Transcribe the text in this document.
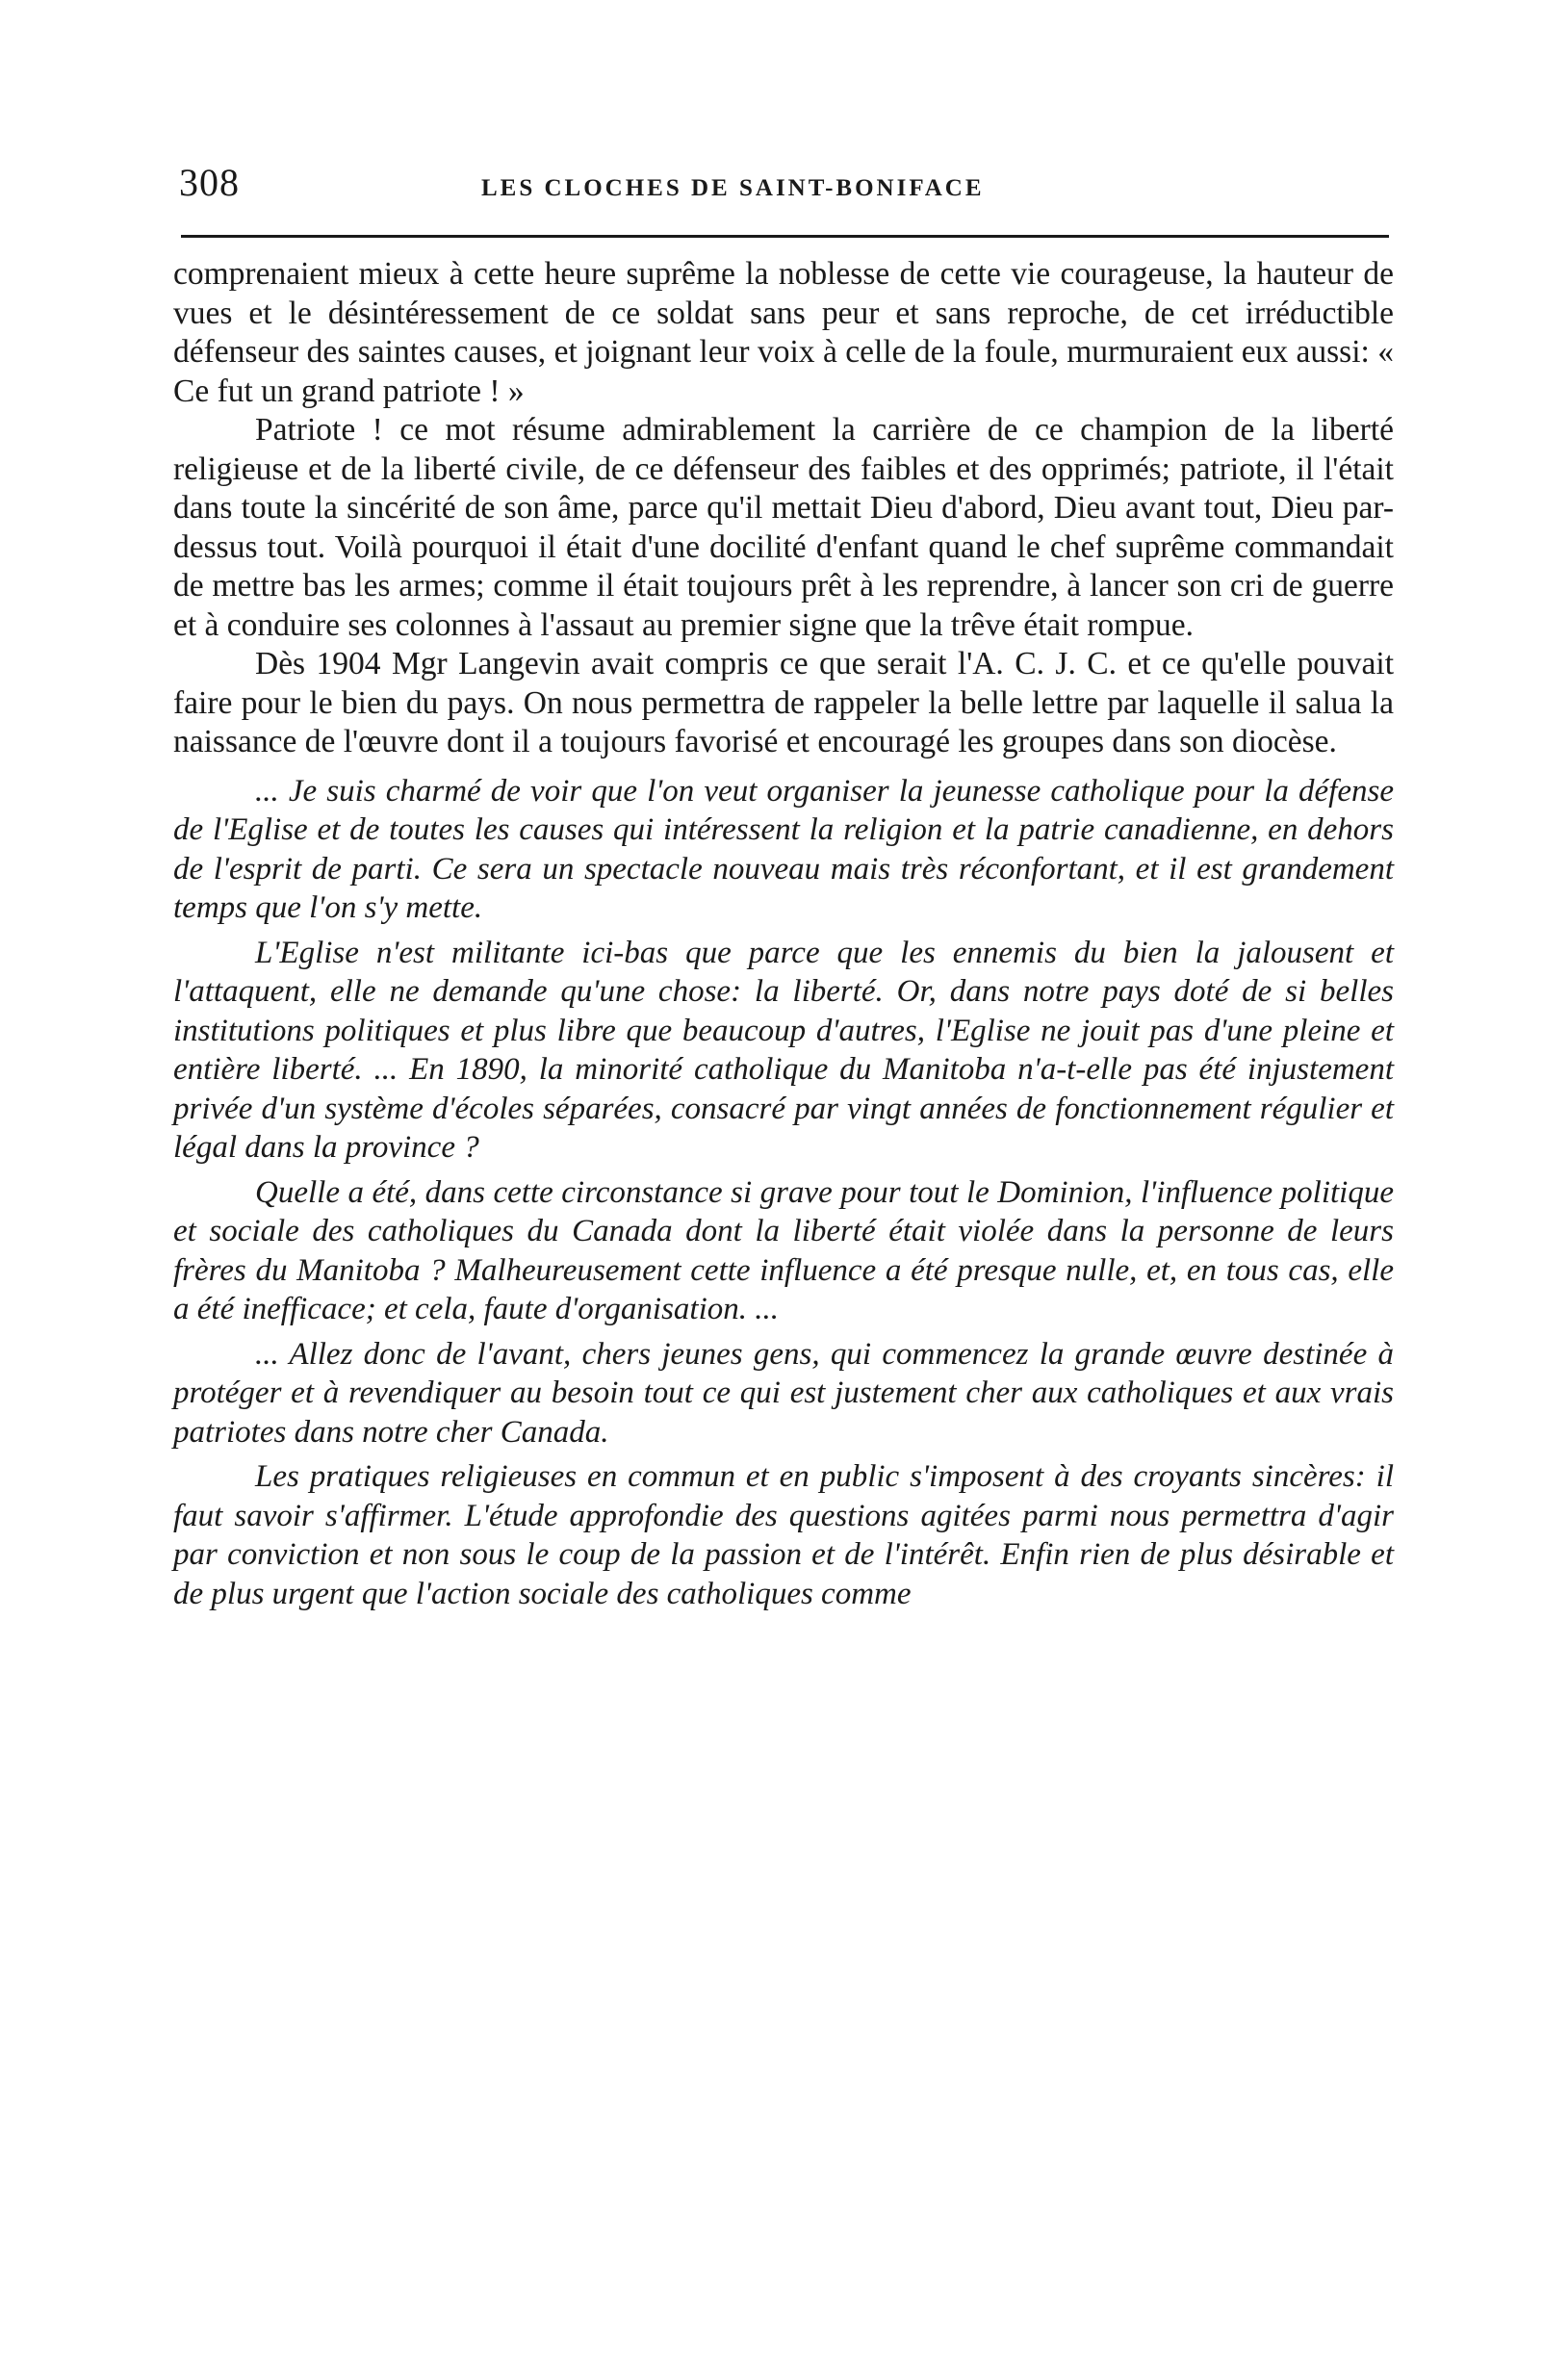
308	LES CLOCHES DE SAINT-BONIFACE

comprenaient mieux à cette heure suprême la noblesse de cette vie courageuse, la hauteur de vues et le désintéressement de ce soldat sans peur et sans reproche, de cet irréductible défenseur des saintes causes, et joignant leur voix à celle de la foule, murmuraient eux aussi: « Ce fut un grand patriote ! »

Patriote ! ce mot résume admirablement la carrière de ce champion de la liberté religieuse et de la liberté civile, de ce défenseur des faibles et des opprimés; patriote, il l'était dans toute la sincérité de son âme, parce qu'il mettait Dieu d'abord, Dieu avant tout, Dieu par-dessus tout. Voilà pourquoi il était d'une docilité d'enfant quand le chef suprême commandait de mettre bas les armes; comme il était toujours prêt à les reprendre, à lancer son cri de guerre et à conduire ses colonnes à l'assaut au premier signe que la trêve était rompue.

Dès 1904 Mgr Langevin avait compris ce que serait l'A. C. J. C. et ce qu'elle pouvait faire pour le bien du pays. On nous permettra de rappeler la belle lettre par laquelle il salua la naissance de l'œuvre dont il a toujours favorisé et encouragé les groupes dans son diocèse.

... Je suis charmé de voir que l'on veut organiser la jeunesse catholique pour la défense de l'Eglise et de toutes les causes qui intéressent la religion et la patrie canadienne, en dehors de l'esprit de parti. Ce sera un spectacle nouveau mais très réconfortant, et il est grandement temps que l'on s'y mette.

L'Eglise n'est militante ici-bas que parce que les ennemis du bien la jalousent et l'attaquent, elle ne demande qu'une chose: la liberté. Or, dans notre pays doté de si belles institutions politiques et plus libre que beaucoup d'autres, l'Eglise ne jouit pas d'une pleine et entière liberté. ... En 1890, la minorité catholique du Manitoba n'a-t-elle pas été injustement privée d'un système d'écoles séparées, consacré par vingt années de fonctionnement régulier et légal dans la province ?

Quelle a été, dans cette circonstance si grave pour tout le Dominion, l'influence politique et sociale des catholiques du Canada dont la liberté était violée dans la personne de leurs frères du Manitoba ? Malheureusement cette influence a été presque nulle, et, en tous cas, elle a été inefficace; et cela, faute d'organisation. ...

... Allez donc de l'avant, chers jeunes gens, qui commencez la grande œuvre destinée à protéger et à revendiquer au besoin tout ce qui est justement cher aux catholiques et aux vrais patriotes dans notre cher Canada.

Les pratiques religieuses en commun et en public s'imposent à des croyants sincères: il faut savoir s'affirmer. L'étude approfondie des questions agitées parmi nous permettra d'agir par conviction et non sous le coup de la passion et de l'intérêt. Enfin rien de plus désirable et de plus urgent que l'action sociale des catholiques comme
